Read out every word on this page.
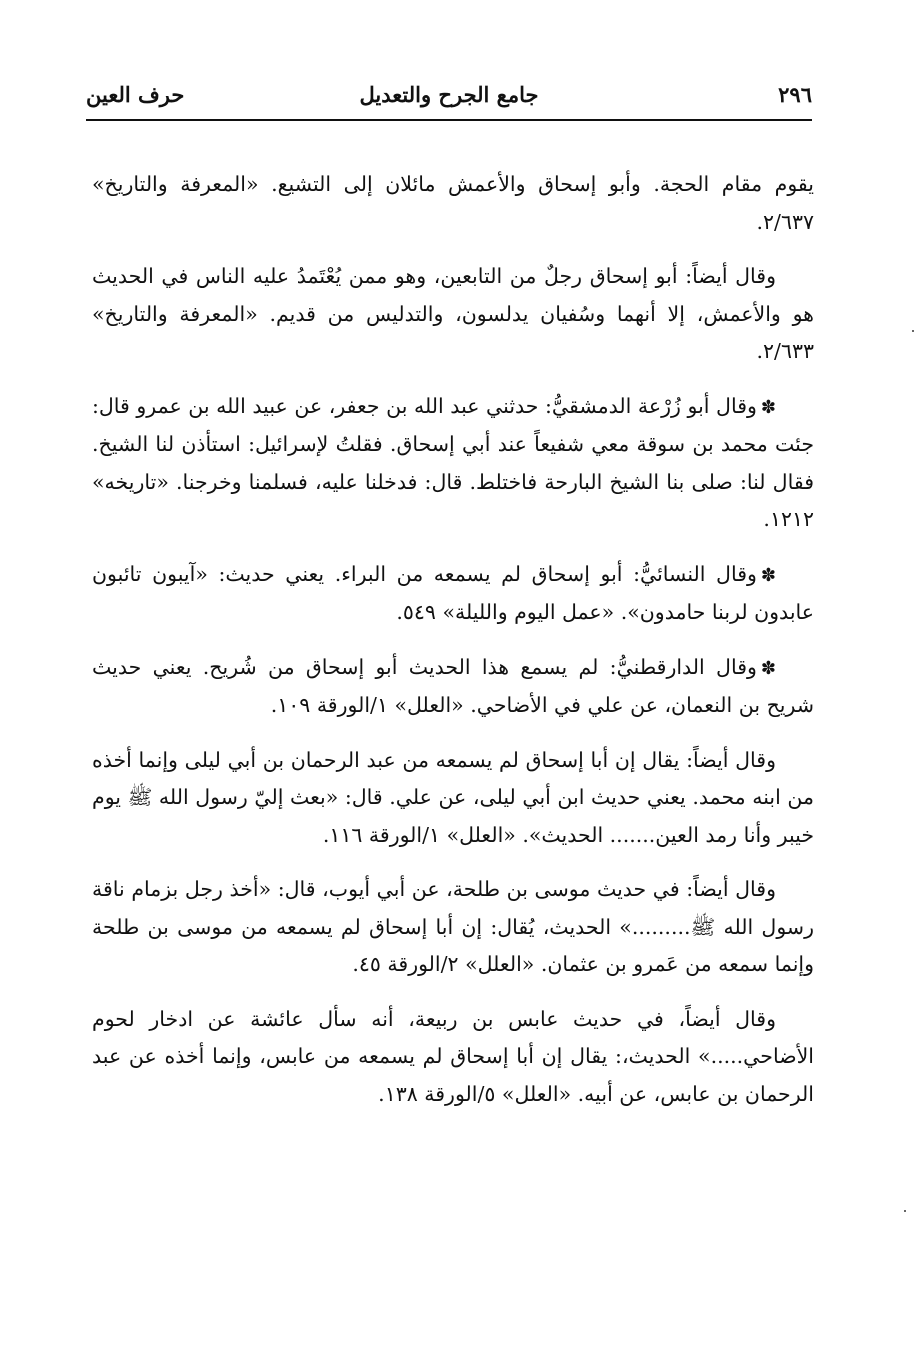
٢٩٦
جامع الجرح والتعديل
حرف العين

يقوم مقام الحجة. وأبو إسحاق والأعمش مائلان إلى التشيع. «المعرفة والتاريخ» ٢/٦٣٧.

وقال أيضاً: أبو إسحاق رجلٌ من التابعين، وهو ممن يُعْتَمدُ عليه الناس في الحديث هو والأعمش، إلا أنهما وسُفيان يدلسون، والتدليس من قديم. «المعرفة والتاريخ» ٢/٦٣٣.

✽وقال أبو زُرْعة الدمشقيُّ: حدثني عبد الله بن جعفر، عن عبيد الله بن عمرو قال: جئت محمد بن سوقة معي شفيعاً عند أبي إسحاق. فقلتُ لإسرائيل: استأذن لنا الشيخ. فقال لنا: صلى بنا الشيخ البارحة فاختلط. قال: فدخلنا عليه، فسلمنا وخرجنا. «تاريخه» ١٢١٢.

✽وقال النسائيُّ: أبو إسحاق لم يسمعه من البراء. يعني حديث: «آيبون تائبون عابدون لربنا حامدون». «عمل اليوم والليلة» ٥٤٩.

✽وقال الدارقطنيُّ: لم يسمع هذا الحديث أبو إسحاق من شُريح. يعني حديث شريح بن النعمان، عن علي في الأضاحي. «العلل» ١/الورقة ١٠٩.

وقال أيضاً: يقال إن أبا إسحاق لم يسمعه من عبد الرحمان بن أبي ليلى وإنما أخذه من ابنه محمد. يعني حديث ابن أبي ليلى، عن علي. قال: «بعث إليّ رسول الله ﷺ يوم خيبر وأنا رمد العين....... الحديث». «العلل» ١/الورقة ١١٦.

وقال أيضاً: في حديث موسى بن طلحة، عن أبي أيوب، قال: «أخذ رجل بزمام ناقة رسول الله ﷺ.........» الحديث، يُقال: إن أبا إسحاق لم يسمعه من موسى بن طلحة وإنما سمعه من عَمرو بن عثمان. «العلل» ٢/الورقة ٤٥.

وقال أيضاً، في حديث عابس بن ربيعة، أنه سأل عائشة عن ادخار لحوم الأضاحي.....» الحديث،: يقال إن أبا إسحاق لم يسمعه من عابس، وإنما أخذه عن عبد الرحمان بن عابس، عن أبيه. «العلل» ٥/الورقة ١٣٨.
